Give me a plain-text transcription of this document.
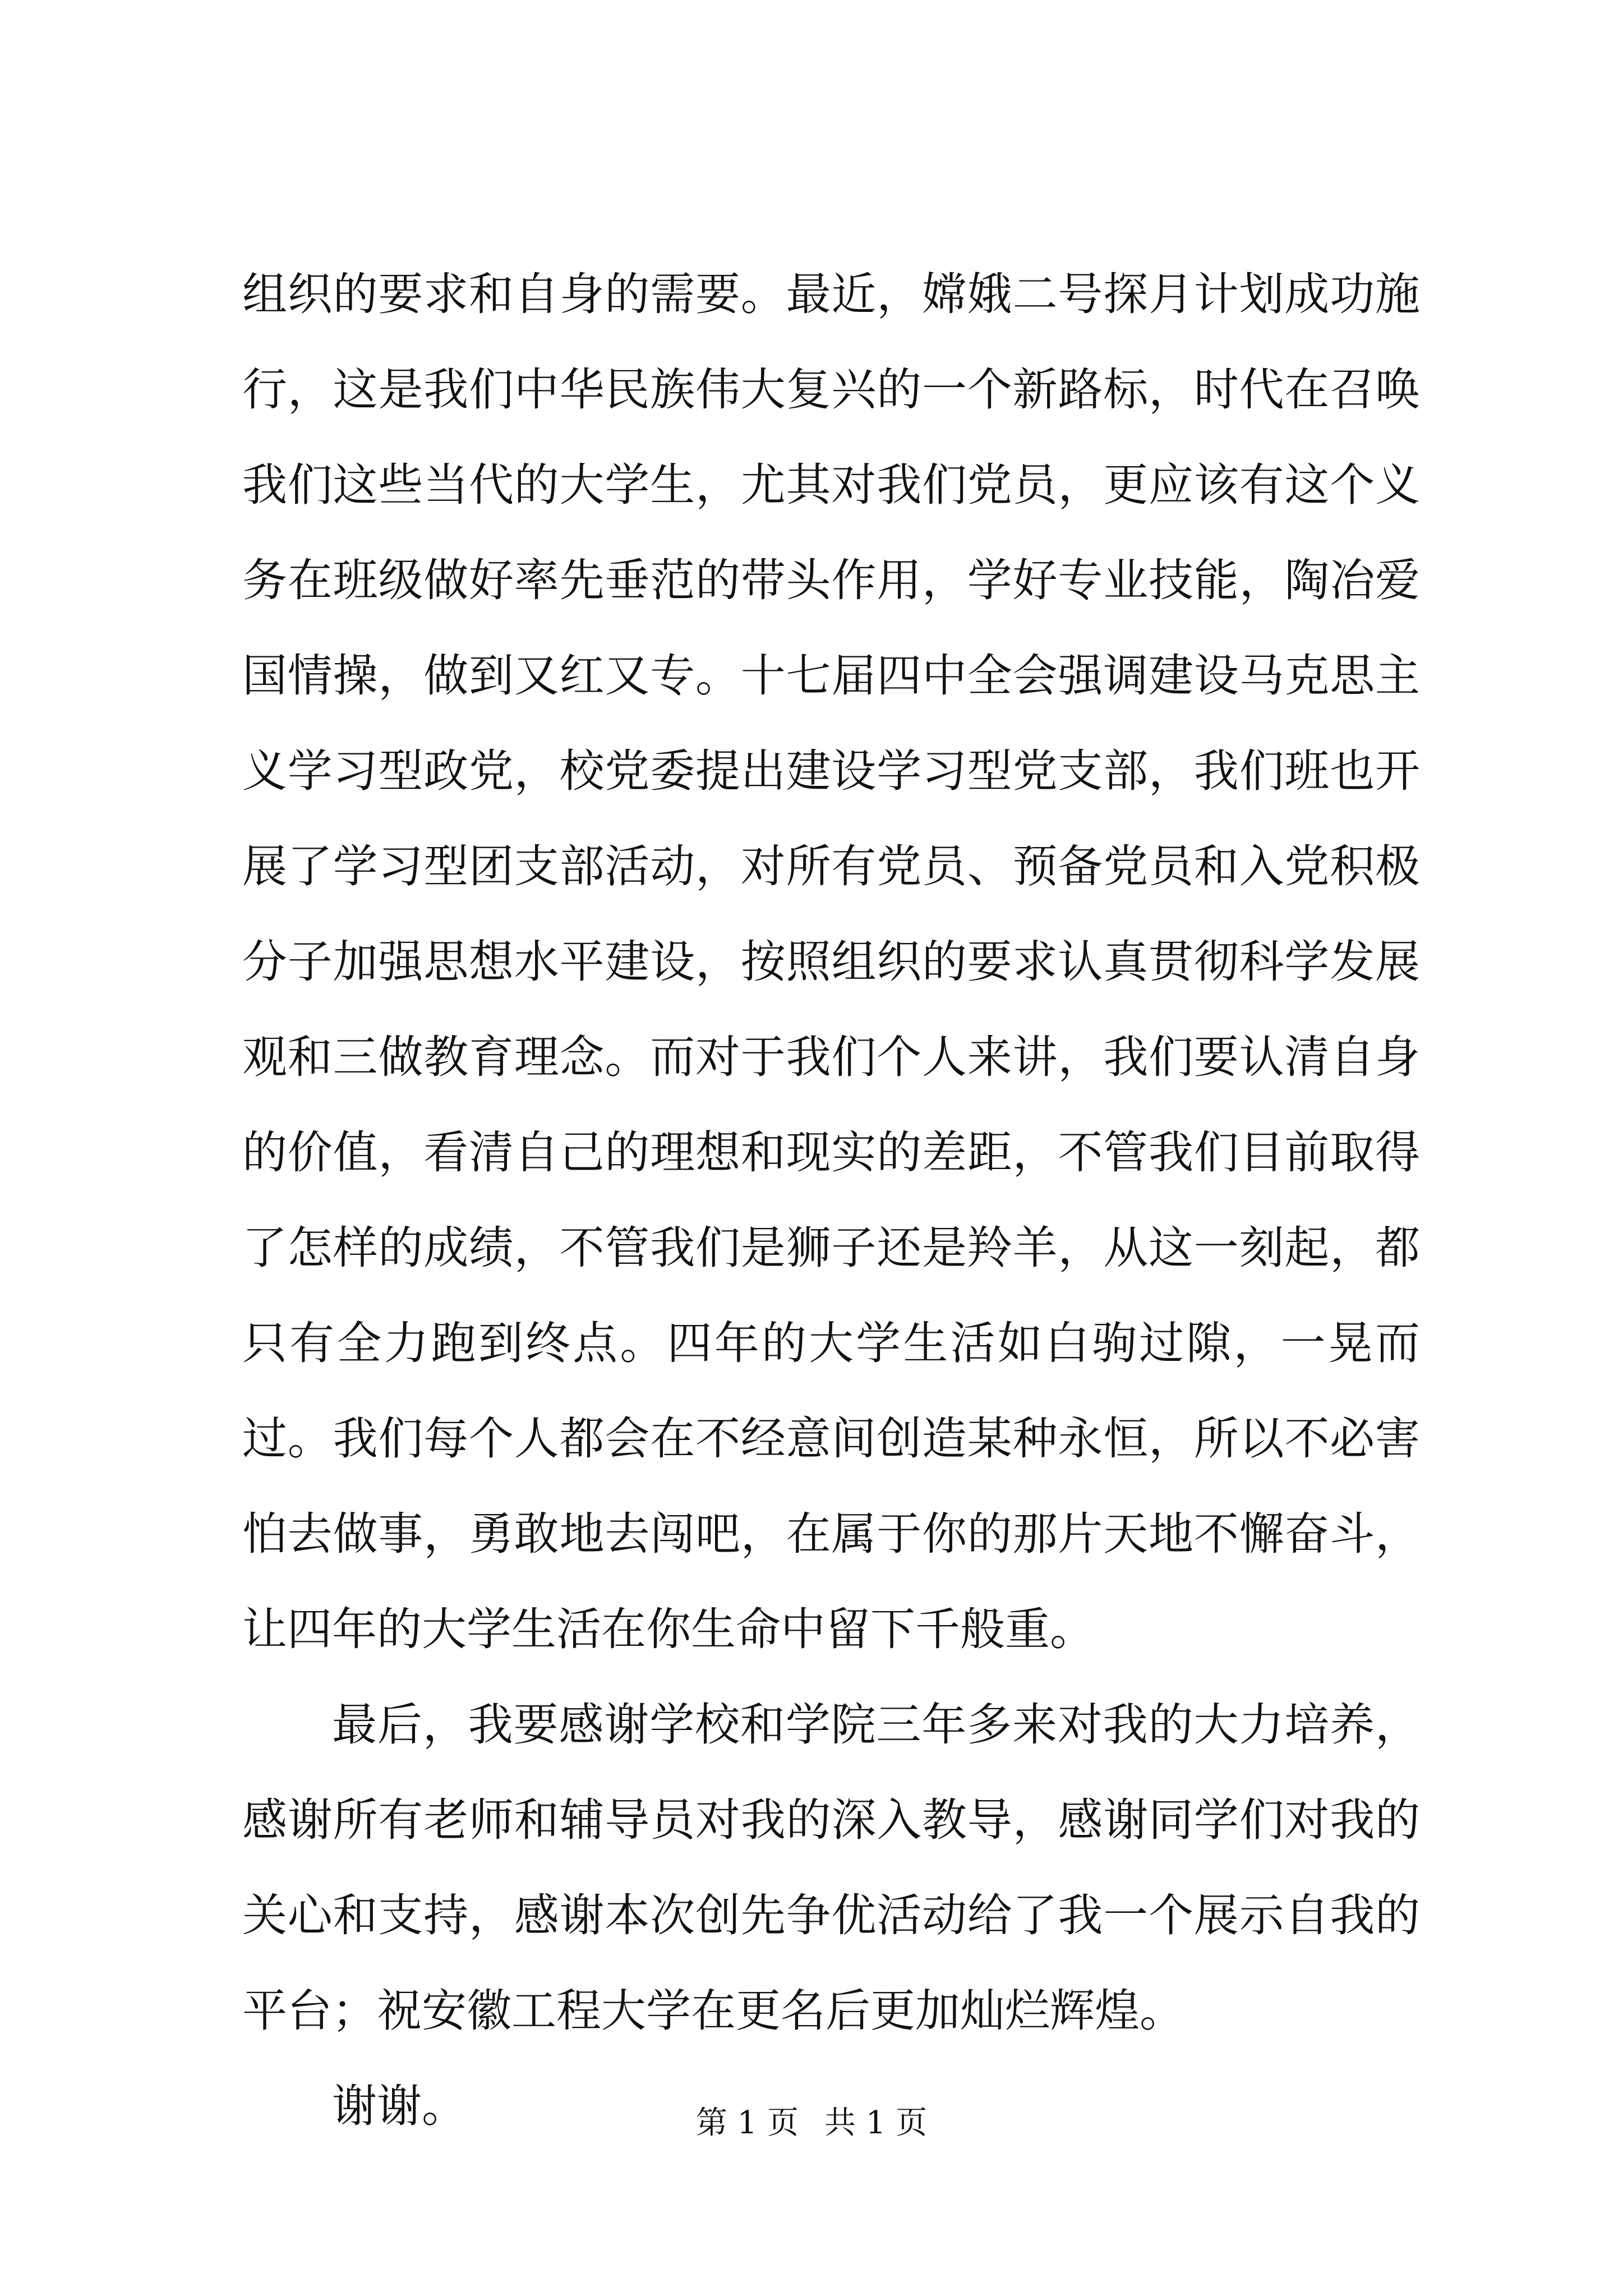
组织的要求和自身的需要。最近，嫦娥二号探月计划成功施行，这是我们中华民族伟大复兴的一个新路标，时代在召唤我们这些当代的大学生，尤其对我们党员，更应该有这个义务在班级做好率先垂范的带头作用，学好专业技能，陶冶爱国情操，做到又红又专。十七届四中全会强调建设马克思主义学习型政党，校党委提出建设学习型党支部，我们班也开展了学习型团支部活动，对所有党员、预备党员和入党积极分子加强思想水平建设，按照组织的要求认真贯彻科学发展观和三做教育理念。而对于我们个人来讲，我们要认清自身的价值，看清自己的理想和现实的差距，不管我们目前取得了怎样的成绩，不管我们是狮子还是羚羊，从这一刻起，都只有全力跑到终点。四年的大学生活如白驹过隙，一晃而过。我们每个人都会在不经意间创造某种永恒，所以不必害怕去做事，勇敢地去闯吧，在属于你的那片天地不懈奋斗，让四年的大学生活在你生命中留下千般重。

最后，我要感谢学校和学院三年多来对我的大力培养，感谢所有老师和辅导员对我的深入教导，感谢同学们对我的关心和支持，感谢本次创先争优活动给了我一个展示自我的平台；祝安徽工程大学在更名后更加灿烂辉煌。

谢谢。	第 1 页 共 1 页
